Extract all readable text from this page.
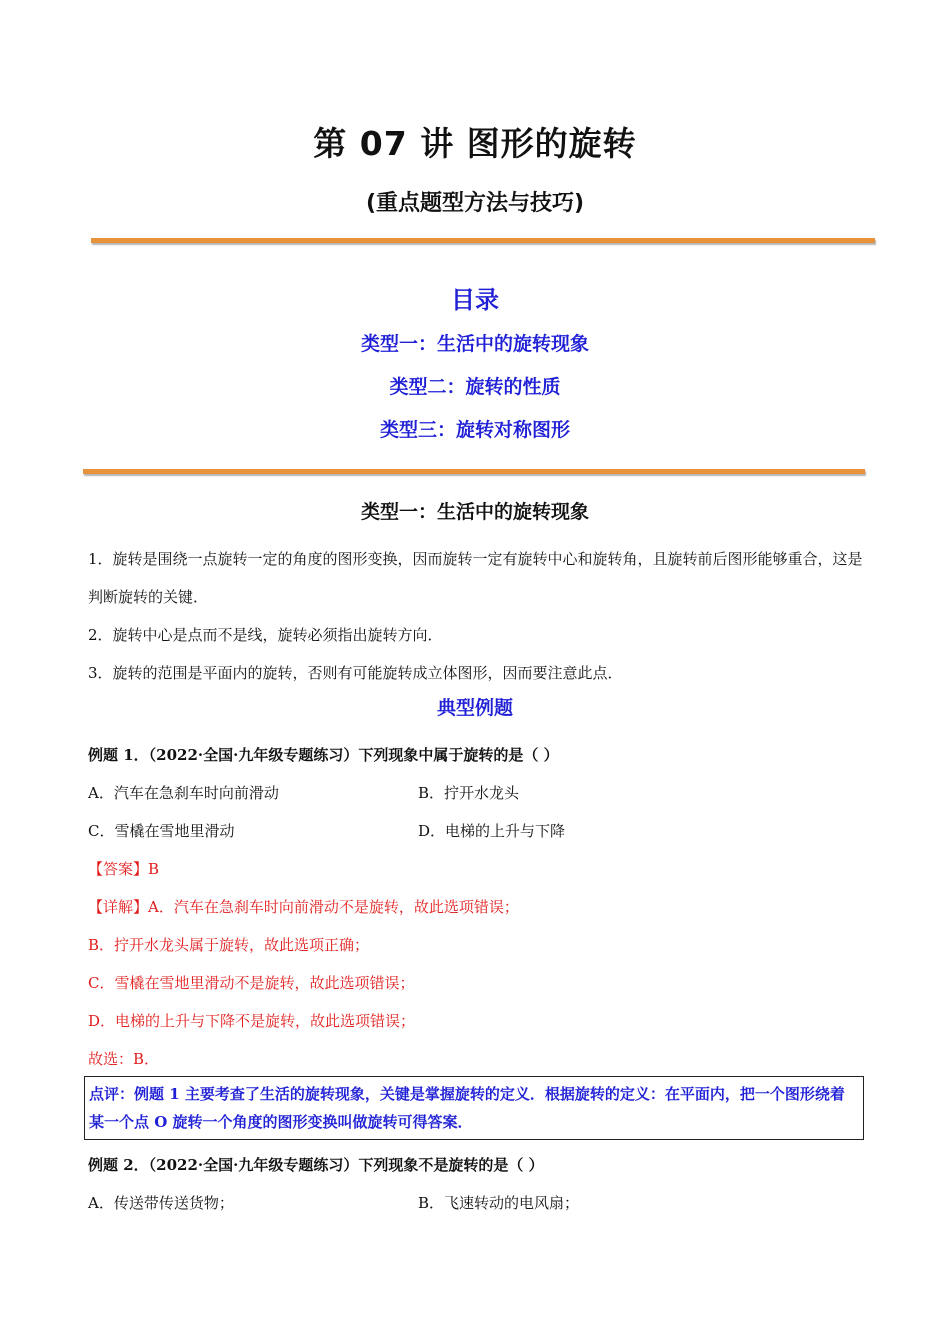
第 07 讲 图形的旋转
(重点题型方法与技巧)
目录
类型一：生活中的旋转现象
类型二：旋转的性质
类型三：旋转对称图形
类型一：生活中的旋转现象
1．旋转是围绕一点旋转一定的角度的图形变换，因而旋转一定有旋转中心和旋转角，且旋转前后图形能够重合，这是判断旋转的关键．
2．旋转中心是点而不是线，旋转必须指出旋转方向．
3．旋转的范围是平面内的旋转，否则有可能旋转成立体图形，因而要注意此点．
典型例题
例题 1．（2022·全国·九年级专题练习）下列现象中属于旋转的是（ ）
A．汽车在急刹车时向前滑动	B．拧开水龙头
C．雪橇在雪地里滑动	D．电梯的上升与下降
【答案】B
【详解】A．汽车在急刹车时向前滑动不是旋转，故此选项错误；
B．拧开水龙头属于旋转，故此选项正确；
C．雪橇在雪地里滑动不是旋转，故此选项错误；
D．电梯的上升与下降不是旋转，故此选项错误；
故选：B．
点评：例题 1 主要考查了生活的旋转现象，关键是掌握旋转的定义．根据旋转的定义：在平面内，把一个图形绕着某一个点 O 旋转一个角度的图形变换叫做旋转可得答案．
例题 2．（2022·全国·九年级专题练习）下列现象不是旋转的是（ ）
A．传送带传送货物；	B．飞速转动的电风扇；
